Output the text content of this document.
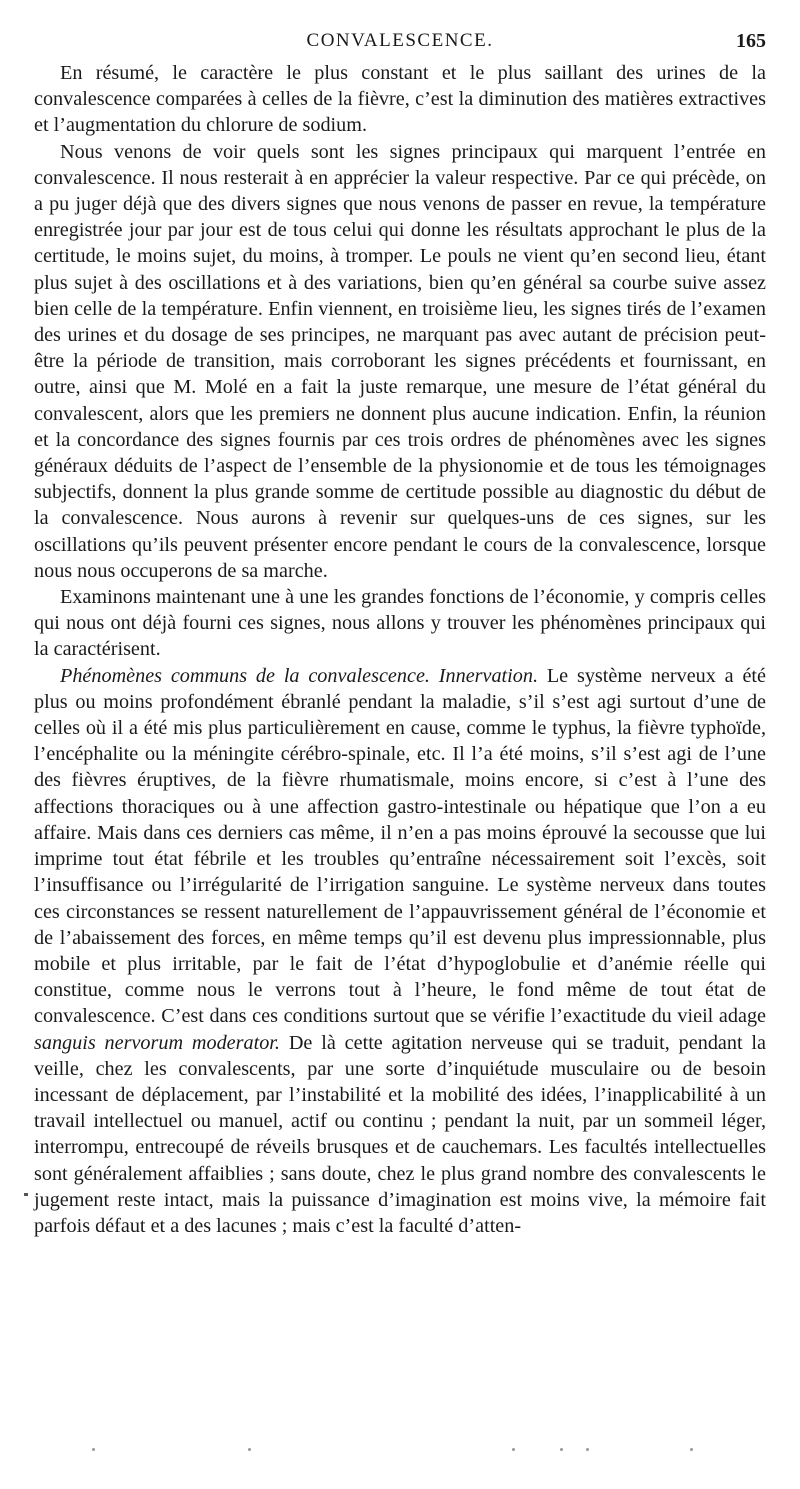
CONVALESCENCE.	165

En résumé, le caractère le plus constant et le plus saillant des urines de la convalescence comparées à celles de la fièvre, c’est la diminution des matières extractives et l’augmentation du chlorure de sodium.

Nous venons de voir quels sont les signes principaux qui marquent l’entrée en convalescence. Il nous resterait à en apprécier la valeur respective. Par ce qui précède, on a pu juger déjà que des divers signes que nous venons de passer en revue, la température enregistrée jour par jour est de tous celui qui donne les résultats approchant le plus de la certitude, le moins sujet, du moins, à tromper. Le pouls ne vient qu’en second lieu, étant plus sujet à des oscillations et à des variations, bien qu’en général sa courbe suive assez bien celle de la température. Enfin viennent, en troisième lieu, les signes tirés de l’examen des urines et du dosage de ses principes, ne marquant pas avec autant de précision peut-être la période de transition, mais corroborant les signes précédents et fournissant, en outre, ainsi que M. Molé en a fait la juste remarque, une mesure de l’état général du convalescent, alors que les premiers ne donnent plus aucune indication. Enfin, la réunion et la concordance des signes fournis par ces trois ordres de phénomènes avec les signes généraux déduits de l’aspect de l’ensemble de la physionomie et de tous les témoignages subjectifs, donnent la plus grande somme de certitude possible au diagnostic du début de la convalescence. Nous aurons à revenir sur quelques-uns de ces signes, sur les oscillations qu’ils peuvent présenter encore pendant le cours de la convalescence, lorsque nous nous occuperons de sa marche.

Examinons maintenant une à une les grandes fonctions de l’économie, y compris celles qui nous ont déjà fourni ces signes, nous allons y trouver les phénomènes principaux qui la caractérisent.

Phénomènes communs de la convalescence. Innervation. Le système nerveux a été plus ou moins profondément ébranlé pendant la maladie, s’il s’est agi surtout d’une de celles où il a été mis plus particulièrement en cause, comme le typhus, la fièvre typhoïde, l’encéphalite ou la méningite cérébro-spinale, etc. Il l’a été moins, s’il s’est agi de l’une des fièvres éruptives, de la fièvre rhumatismale, moins encore, si c’est à l’une des affections thoraciques ou à une affection gastro-intestinale ou hépatique que l’on a eu affaire. Mais dans ces derniers cas même, il n’en a pas moins éprouvé la secousse que lui imprime tout état fébrile et les troubles qu’entraîne nécessairement soit l’excès, soit l’insuffisance ou l’irrégularité de l’irrigation sanguine. Le système nerveux dans toutes ces circonstances se ressent naturellement de l’appauvrissement général de l’économie et de l’abaissement des forces, en même temps qu’il est devenu plus impressionnable, plus mobile et plus irritable, par le fait de l’état d’hypoglobulie et d’anémie réelle qui constitue, comme nous le verrons tout à l’heure, le fond même de tout état de convalescence. C’est dans ces conditions surtout que se vérifie l’exactitude du vieil adage sanguis nervorum moderator. De là cette agitation nerveuse qui se traduit, pendant la veille, chez les convalescents, par une sorte d’inquiétude musculaire ou de besoin incessant de déplacement, par l’instabilité et la mobilité des idées, l’inapplicabilité à un travail intellectuel ou manuel, actif ou continu ; pendant la nuit, par un sommeil léger, interrompu, entrecoupé de réveils brusques et de cauchemars. Les facultés intellectuelles sont généralement affaiblies ; sans doute, chez le plus grand nombre des convalescents le jugement reste intact, mais la puissance d’imagination est moins vive, la mémoire fait parfois défaut et a des lacunes ; mais c’est la faculté d’atten-
